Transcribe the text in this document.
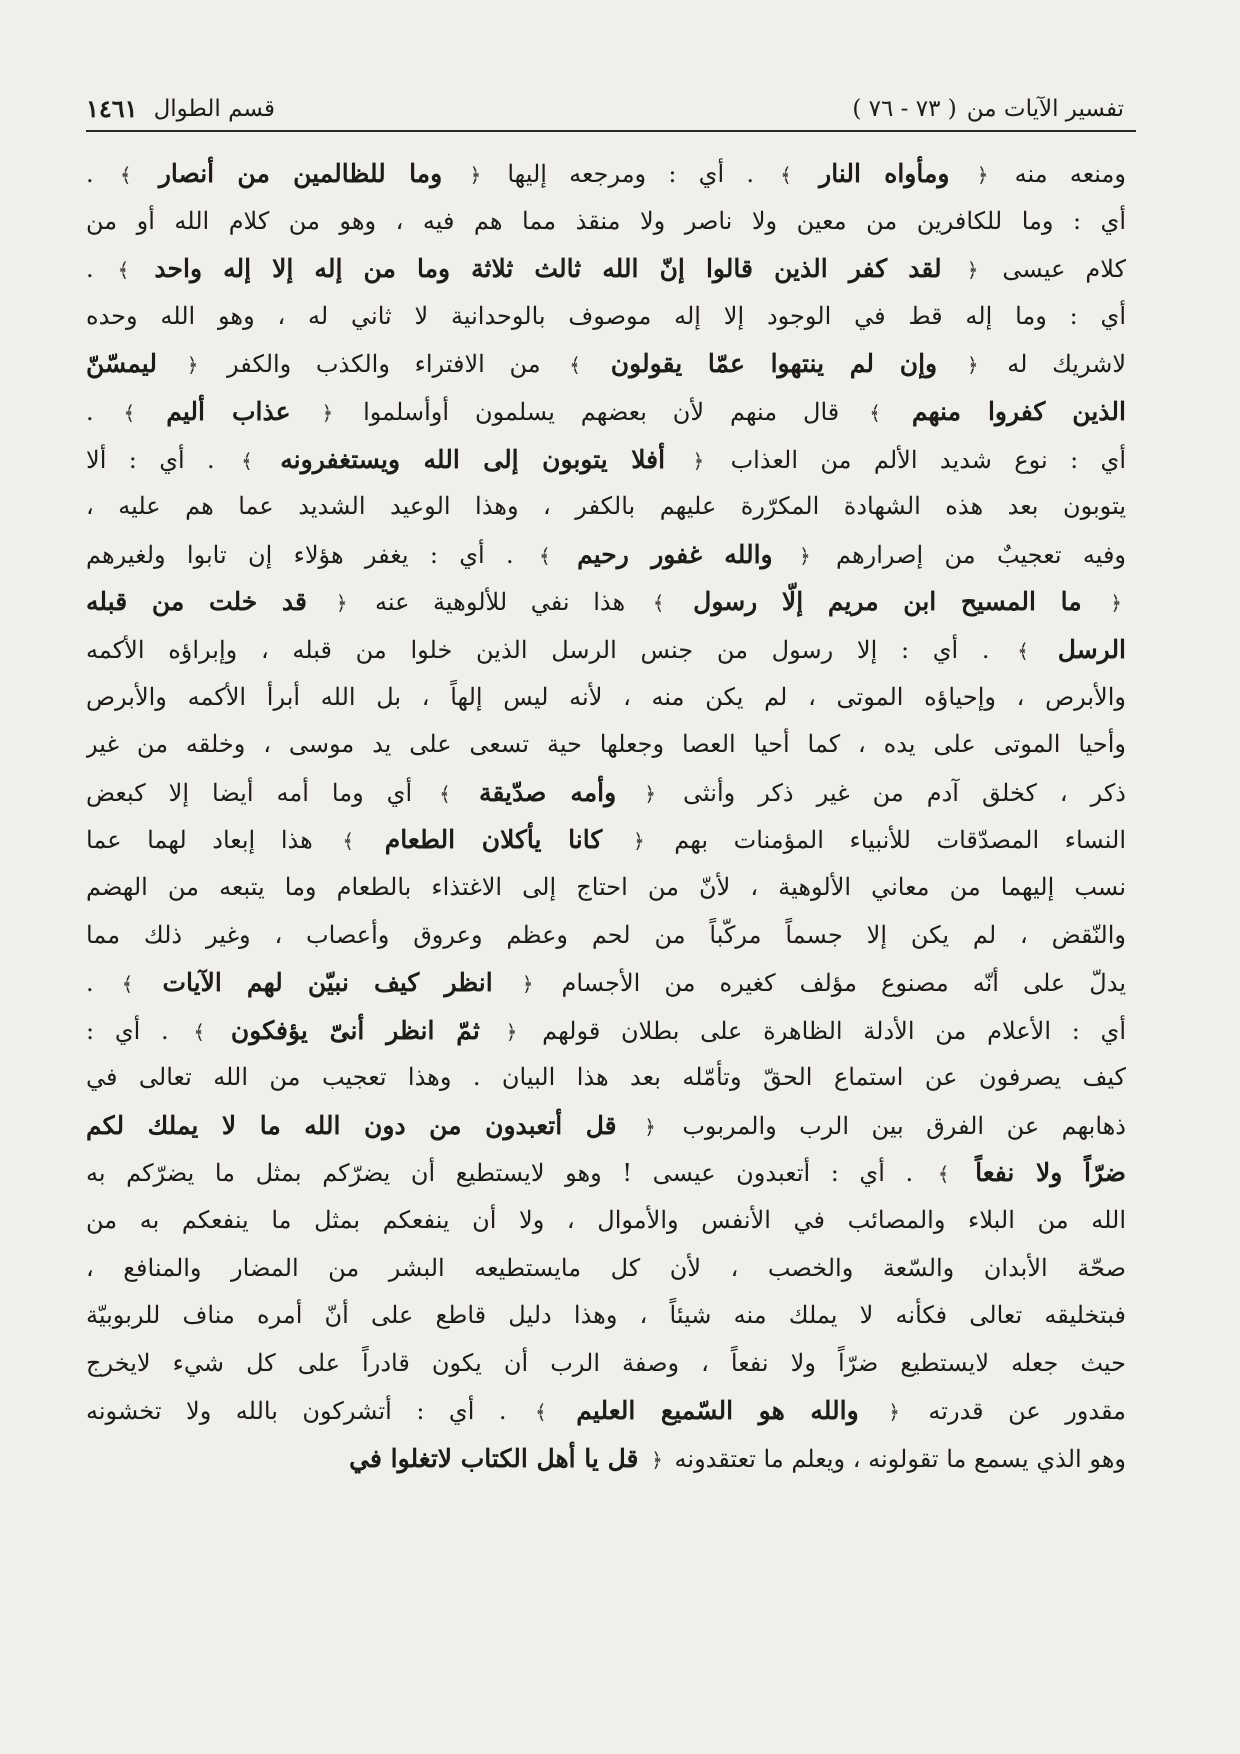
تفسير الآيات من
( ٧٣ - ٧٦ )
قسم الطوال
١٤٦١
ومنعه منه ﴿ ومأواه النار ﴾ . أي : ومرجعه إليها ﴿ وما للظالمين من أنصار ﴾ .
أي : وما للكافرين من معين ولا ناصر ولا منقذ مما هم فيه ، وهو من كلام الله أو من
كلام عيسى ﴿ لقد كفر الذين قالوا إنّ الله ثالث ثلاثة وما من إله إلا إله واحد ﴾ .
أي : وما إله قط في الوجود إلا إله موصوف بالوحدانية لا ثاني له ، وهو الله وحده
لاشريك له ﴿ وإن لم ينتهوا عمّا يقولون ﴾ من الافتراء والكذب والكفر ﴿ ليمسّنّ
الذين كفروا منهم ﴾ قال منهم لأن بعضهم يسلمون أوأسلموا ﴿ عذاب أليم ﴾ .
أي : نوع شديد الألم من العذاب ﴿ أفلا يتوبون إلى الله ويستغفرونه ﴾ . أي : ألا
يتوبون بعد هذه الشهادة المكرّرة عليهم بالكفر ، وهذا الوعيد الشديد عما هم عليه ،
وفيه تعجيبٌ من إصرارهم ﴿ والله غفور رحيم ﴾ . أي : يغفر هؤلاء إن تابوا ولغيرهم
﴿ ما المسيح ابن مريم إلّا رسول ﴾ هذا نفي للألوهية عنه ﴿ قد خلت من قبله
الرسل ﴾ . أي : إلا رسول من جنس الرسل الذين خلوا من قبله ، وإبراؤه الأكمه
والأبرص ، وإحياؤه الموتى ، لم يكن منه ، لأنه ليس إلهاً ، بل الله أبرأ الأكمه والأبرص
وأحيا الموتى على يده ، كما أحيا العصا وجعلها حية تسعى على يد موسى ، وخلقه من غير
ذكر ، كخلق آدم من غير ذكر وأنثى ﴿ وأمه صدّيقة ﴾ أي وما أمه أيضا إلا كبعض
النساء المصدّقات للأنبياء المؤمنات بهم ﴿ كانا يأكلان الطعام ﴾ هذا إبعاد لهما عما
نسب إليهما من معاني الألوهية ، لأنّ من احتاج إلى الاغتذاء بالطعام وما يتبعه من الهضم
والنّقض ، لم يكن إلا جسماً مركّباً من لحم وعظم وعروق وأعصاب ، وغير ذلك مما
يدلّ على أنّه مصنوع مؤلف كغيره من الأجسام ﴿ انظر كيف نبيّن لهم الآيات ﴾ .
أي : الأعلام من الأدلة الظاهرة على بطلان قولهم ﴿ ثمّ انظر أنىّ يؤفكون ﴾ . أي :
كيف يصرفون عن استماع الحقّ وتأمّله بعد هذا البيان . وهذا تعجيب من الله تعالى في
ذهابهم عن الفرق بين الرب والمربوب ﴿ قل أتعبدون من دون الله ما لا يملك لكم
ضرّاً ولا نفعاً ﴾ . أي : أتعبدون عيسى ! وهو لايستطيع أن يضرّكم بمثل ما يضرّكم به
الله من البلاء والمصائب في الأنفس والأموال ، ولا أن ينفعكم بمثل ما ينفعكم به من
صحّة الأبدان والسّعة والخصب ، لأن كل مايستطيعه البشر من المضار والمنافع ،
فبتخليقه تعالى فكأنه لا يملك منه شيئاً ، وهذا دليل قاطع على أنّ أمره مناف للربوبيّة
حيث جعله لايستطيع ضرّاً ولا نفعاً ، وصفة الرب أن يكون قادراً على كل شيء لايخرج
مقدور عن قدرته ﴿ والله هو السّميع العليم ﴾ . أي : أتشركون بالله ولا تخشونه
وهو الذي يسمع ما تقولونه ، ويعلم ما تعتقدونه ﴿ قل يا أهل الكتاب لاتغلوا في
